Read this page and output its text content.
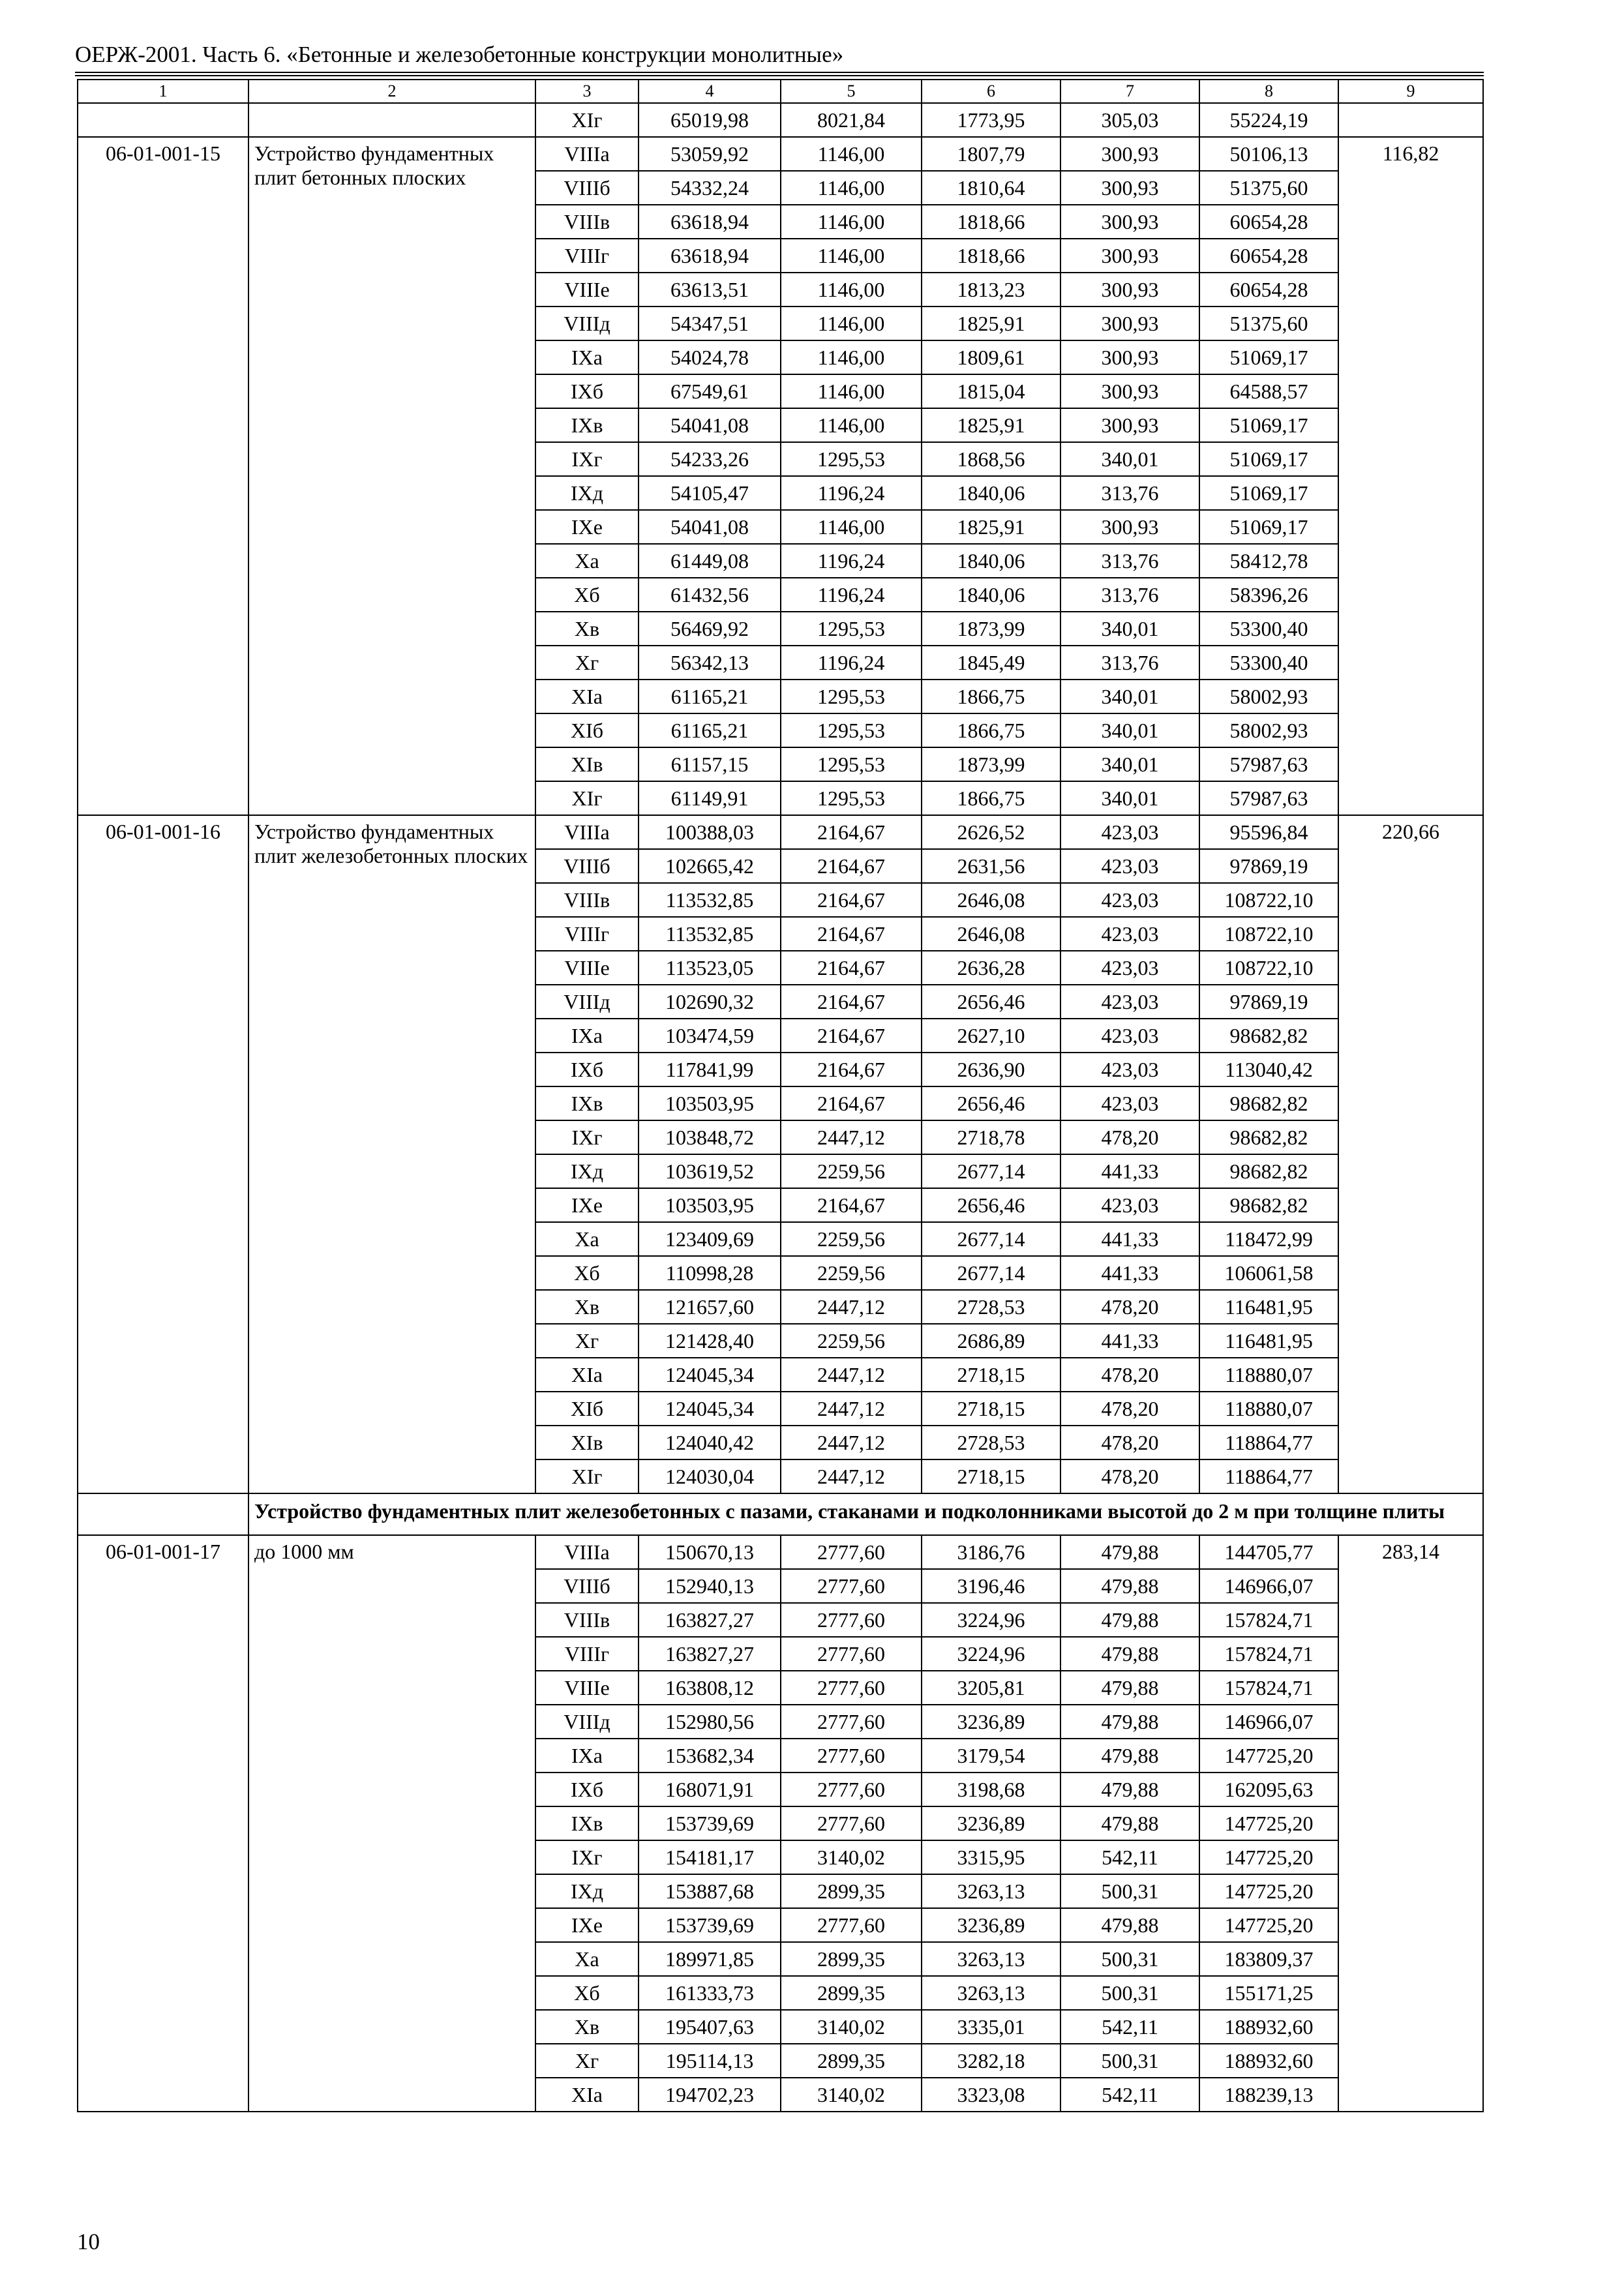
ОЕРЖ-2001. Часть 6. «Бетонные и железобетонные конструкции монолитные»
1	2	3	4	5	6	7	8	9
		XIг	65019,98	8021,84	1773,95	305,03	55224,19	
06-01-001-15	Устройство фундаментных плит бетонных плоских	VIIIа	53059,92	1146,00	1807,79	300,93	50106,13	116,82
		VIIIб	54332,24	1146,00	1810,64	300,93	51375,60	
		VIIIв	63618,94	1146,00	1818,66	300,93	60654,28	
		VIIIг	63618,94	1146,00	1818,66	300,93	60654,28	
		VIIIе	63613,51	1146,00	1813,23	300,93	60654,28	
		VIIIд	54347,51	1146,00	1825,91	300,93	51375,60	
		IXа	54024,78	1146,00	1809,61	300,93	51069,17	
		IXб	67549,61	1146,00	1815,04	300,93	64588,57	
		IXв	54041,08	1146,00	1825,91	300,93	51069,17	
		IXг	54233,26	1295,53	1868,56	340,01	51069,17	
		IXд	54105,47	1196,24	1840,06	313,76	51069,17	
		IXе	54041,08	1146,00	1825,91	300,93	51069,17	
		Xа	61449,08	1196,24	1840,06	313,76	58412,78	
		Xб	61432,56	1196,24	1840,06	313,76	58396,26	
		Xв	56469,92	1295,53	1873,99	340,01	53300,40	
		Xг	56342,13	1196,24	1845,49	313,76	53300,40	
		XIа	61165,21	1295,53	1866,75	340,01	58002,93	
		XIб	61165,21	1295,53	1866,75	340,01	58002,93	
		XIв	61157,15	1295,53	1873,99	340,01	57987,63	
		XIг	61149,91	1295,53	1866,75	340,01	57987,63	
06-01-001-16	Устройство фундаментных плит железобетонных плоских	VIIIа	100388,03	2164,67	2626,52	423,03	95596,84	220,66
		VIIIб	102665,42	2164,67	2631,56	423,03	97869,19	
		VIIIв	113532,85	2164,67	2646,08	423,03	108722,10	
		VIIIг	113532,85	2164,67	2646,08	423,03	108722,10	
		VIIIе	113523,05	2164,67	2636,28	423,03	108722,10	
		VIIIд	102690,32	2164,67	2656,46	423,03	97869,19	
		IXа	103474,59	2164,67	2627,10	423,03	98682,82	
		IXб	117841,99	2164,67	2636,90	423,03	113040,42	
		IXв	103503,95	2164,67	2656,46	423,03	98682,82	
		IXг	103848,72	2447,12	2718,78	478,20	98682,82	
		IXд	103619,52	2259,56	2677,14	441,33	98682,82	
		IXе	103503,95	2164,67	2656,46	423,03	98682,82	
		Xа	123409,69	2259,56	2677,14	441,33	118472,99	
		Xб	110998,28	2259,56	2677,14	441,33	106061,58	
		Xв	121657,60	2447,12	2728,53	478,20	116481,95	
		Xг	121428,40	2259,56	2686,89	441,33	116481,95	
		XIа	124045,34	2447,12	2718,15	478,20	118880,07	
		XIб	124045,34	2447,12	2718,15	478,20	118880,07	
		XIв	124040,42	2447,12	2728,53	478,20	118864,77	
		XIг	124030,04	2447,12	2718,15	478,20	118864,77	
	Устройство фундаментных плит железобетонных с пазами, стаканами и подколонниками высотой до 2 м при толщине плиты							
06-01-001-17	до 1000 мм	VIIIа	150670,13	2777,60	3186,76	479,88	144705,77	283,14
		VIIIб	152940,13	2777,60	3196,46	479,88	146966,07	
		VIIIв	163827,27	2777,60	3224,96	479,88	157824,71	
		VIIIг	163827,27	2777,60	3224,96	479,88	157824,71	
		VIIIе	163808,12	2777,60	3205,81	479,88	157824,71	
		VIIIд	152980,56	2777,60	3236,89	479,88	146966,07	
		IXа	153682,34	2777,60	3179,54	479,88	147725,20	
		IXб	168071,91	2777,60	3198,68	479,88	162095,63	
		IXв	153739,69	2777,60	3236,89	479,88	147725,20	
		IXг	154181,17	3140,02	3315,95	542,11	147725,20	
		IXд	153887,68	2899,35	3263,13	500,31	147725,20	
		IXе	153739,69	2777,60	3236,89	479,88	147725,20	
		Xа	189971,85	2899,35	3263,13	500,31	183809,37	
		Xб	161333,73	2899,35	3263,13	500,31	155171,25	
		Xв	195407,63	3140,02	3335,01	542,11	188932,60	
		Xг	195114,13	2899,35	3282,18	500,31	188932,60	
		XIа	194702,23	3140,02	3323,08	542,11	188239,13	
10
